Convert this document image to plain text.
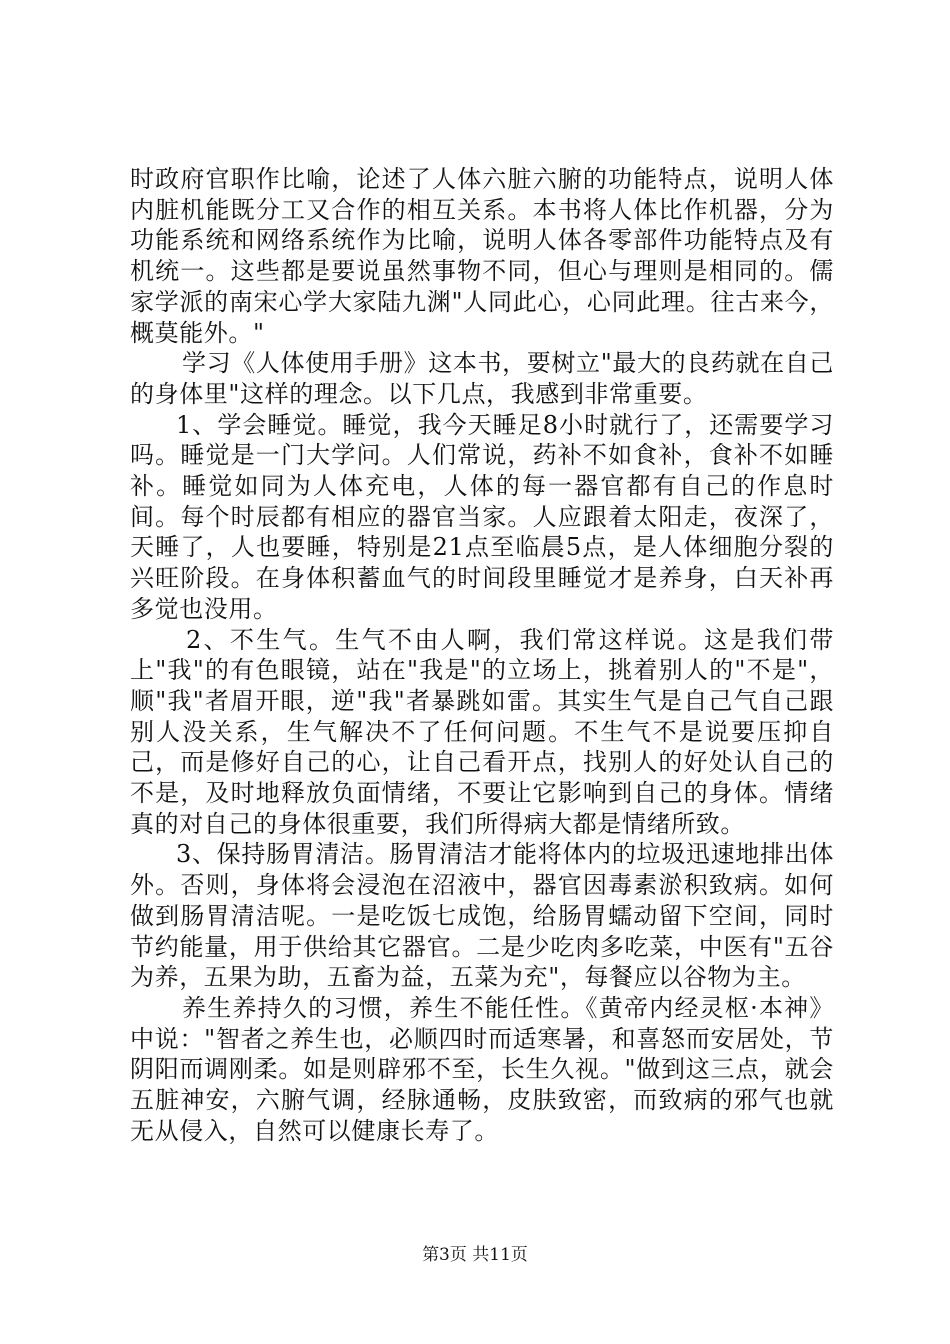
时政府官职作比喻，论述了人体六脏六腑的功能特点，说明人体内脏机能既分工又合作的相互关系。本书将人体比作机器，分为功能系统和网络系统作为比喻，说明人体各零部件功能特点及有机统一。这些都是要说虽然事物不同，但心与理则是相同的。儒家学派的南宋心学大家陆九渊"人同此心，心同此理。往古来今，概莫能外。"

学习《人体使用手册》这本书，要树立"最大的良药就在自己的身体里"这样的理念。以下几点，我感到非常重要。

1、学会睡觉。睡觉，我今天睡足8小时就行了，还需要学习吗。睡觉是一门大学问。人们常说，药补不如食补，食补不如睡补。睡觉如同为人体充电，人体的每一器官都有自己的作息时间。每个时辰都有相应的器官当家。人应跟着太阳走，夜深了，天睡了，人也要睡，特别是21点至临晨5点，是人体细胞分裂的兴旺阶段。在身体积蓄血气的时间段里睡觉才是养身，白天补再多觉也没用。

2、不生气。生气不由人啊，我们常这样说。这是我们带上"我"的有色眼镜，站在"我是"的立场上，挑着别人的"不是"，顺"我"者眉开眼，逆"我"者暴跳如雷。其实生气是自己气自己跟别人没关系，生气解决不了任何问题。不生气不是说要压抑自己，而是修好自己的心，让自己看开点，找别人的好处认自己的不是，及时地释放负面情绪，不要让它影响到自己的身体。情绪真的对自己的身体很重要，我们所得病大都是情绪所致。

3、保持肠胃清洁。肠胃清洁才能将体内的垃圾迅速地排出体外。否则，身体将会浸泡在沼液中，器官因毒素淤积致病。如何做到肠胃清洁呢。一是吃饭七成饱，给肠胃蠕动留下空间，同时节约能量，用于供给其它器官。二是少吃肉多吃菜，中医有"五谷为养，五果为助，五畜为益，五菜为充"，每餐应以谷物为主。

养生养持久的习惯，养生不能任性。《黄帝内经灵枢·本神》中说："智者之养生也，必顺四时而适寒暑，和喜怒而安居处，节阴阳而调刚柔。如是则辟邪不至，长生久视。"做到这三点，就会五脏神安，六腑气调，经脉通畅，皮肤致密，而致病的邪气也就无从侵入，自然可以健康长寿了。

第3页 共11页
